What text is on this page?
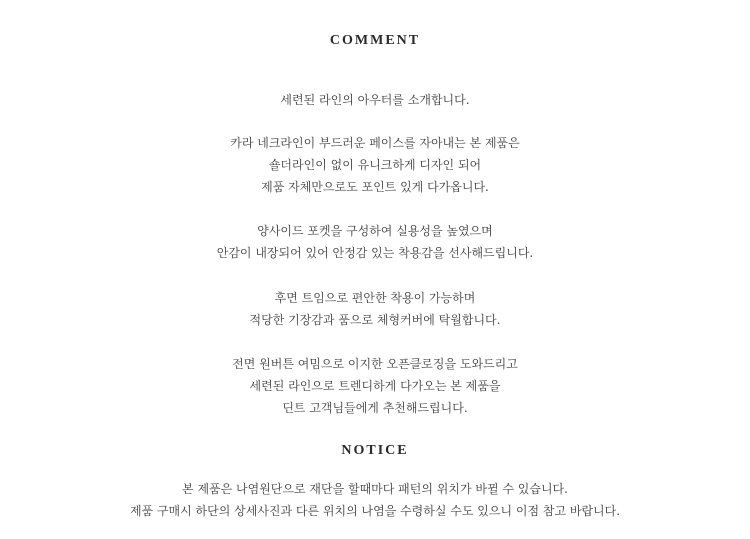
COMMENT
세련된 라인의 아우터를 소개합니다.
카라 네크라인이 부드러운 페이스를 자아내는 본 제품은
숄더라인이 없이 유니크하게 디자인 되어
제품 자체만으로도 포인트 있게 다가옵니다.
양사이드 포켓을 구성하여 실용성을 높였으며
안감이 내장되어 있어 안정감 있는 착용감을 선사해드립니다.
후면 트임으로 편안한 착용이 가능하며
적당한 기장감과 품으로 체형커버에 탁월합니다.
전면 원버튼 여밈으로 이지한 오픈클로징을 도와드리고
세련된 라인으로 트렌디하게 다가오는 본 제품을
딘트 고객님들에게 추천해드립니다.
NOTICE
본 제품은 나염원단으로 재단을 할때마다 패턴의 위치가 바뀔 수 있습니다.
제품 구매시 하단의 상세사진과 다른 위치의 나염을 수령하실 수도 있으니 이점 참고 바랍니다.
